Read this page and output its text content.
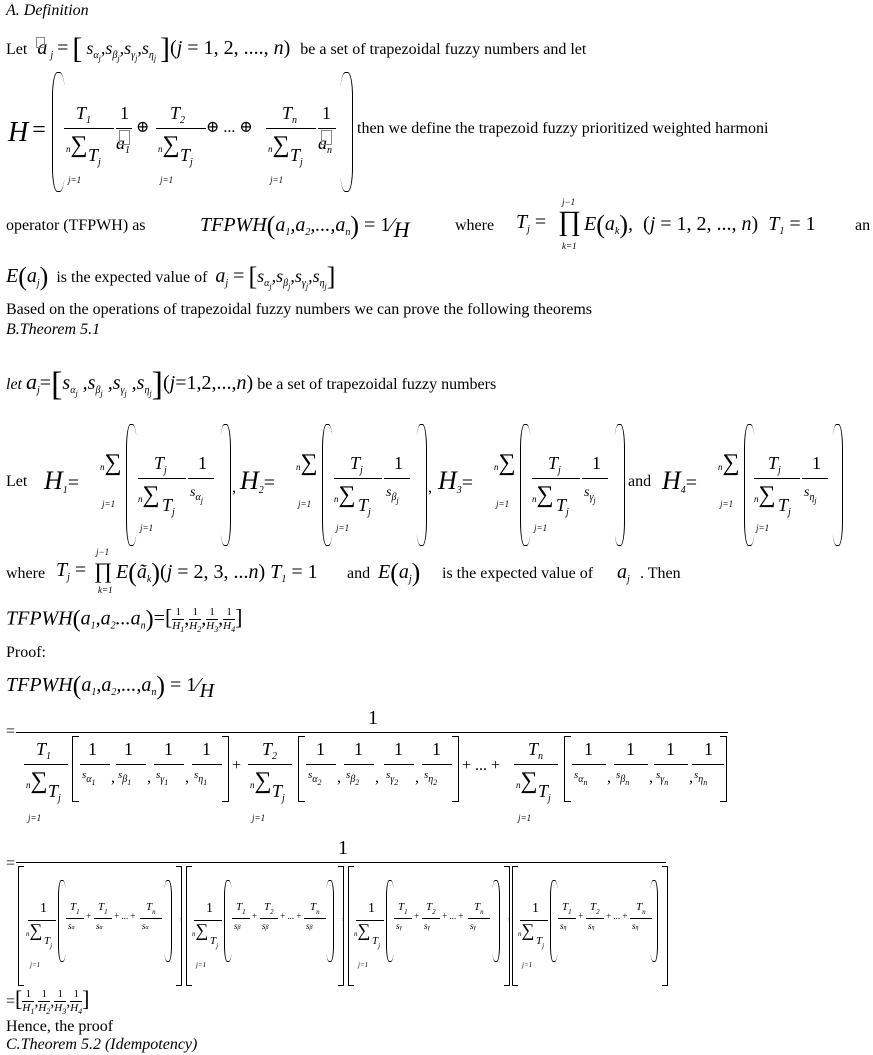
A. Definition
Let a $_j$ = [ $s_{\alpha_j},s_{\beta_j},s_{\gamma_j},s_{\eta_j}$ ](j = 1, 2, ...., n) be a set of trapezoidal fuzzy numbers and let
H =
$T_1$
n∑ $T_j$
j=1
1
$a_1$
⊕
$T_2$
n∑ $T_j$
j=1
⊕ ... ⊕
$T_n$
n∑ $T_j$
j=1
1
$a_n$
then we define the trapezoid fuzzy prioritized weighted harmoni
operator (TFPWH) as	$TFPWH(a_1,a_2,...,a_n)$ = 1⁄H	where $T_j$ =
j−1
∏
k=1
$E(a_k)$,  (j = 1, 2, ..., n)  $T_1 = 1$ an
$E(a_j)$ is the expected value of $a_j = [s_{\alpha_j},s_{\beta_j},s_{\gamma_j},s_{\eta_j}]$
Based on the operations of trapezoidal fuzzy numbers we can prove the following theorems
B.Theorem 5.1
let $a_j=[s_{\alpha_j}$ $,s_{\beta_j}$ $,s_{\gamma_j}$ $,s_{\eta_j}](j=1,2,...,n)$ be a set of trapezoidal fuzzy numbers
Let $H_1=$
n∑
j=1
$T_j$
n∑ $T_j$
j=1
1
$s_{\alpha_j}$
, $H_2=$
n∑
j=1
$T_j$
n∑ $T_j$
j=1
1
$s_{\beta_j}$
, $H_3=$
n∑
j=1
$T_j$
n∑ $T_j$
j=1
1
$s_{\gamma_j}$
and $H_4=$
n∑
j=1
$T_j$
n∑ $T_j$
j=1
1
$s_{\eta_j}$
where $T_j$ =
j−1
∏
k=1
$E(ã_k)(j = 2$, 3, ...n) $T_1 = 1$ and $E(a_j)$ is the expected value of $a_j$ . Then
$TFPWH(a_1,a_2...a_n)=[ \frac{1}{H_1}$ , $\frac{1}{H_2}$ , $\frac{1}{H_3}$ , $\frac{1}{H_4}$ ]
Proof:
$TFPWH(a_1,a_2,...,a_n)$ = 1⁄H
1
=
$T_1$
n∑ $T_j$
j=1
1
$s\alpha_1$ ,
1
$s\beta_1$ ,
1
$s\gamma_1$ ,
1
$s\eta_1$
+
$T_2$
n∑ $T_j$
j=1
1
$s\alpha_2$ ,
1
$s\beta_2$ ,
1
$s\gamma_2$ ,
1
$s\eta_2$
+ ... +
$T_n$
n∑ $T_j$
j=1
1
$s\alpha_n$ ,
1
$s\beta_n$ ,
1
$s\gamma_n$ ,
1
$s\eta_n$
1
=
1
n∑
$T_j$
j=1
$T_1$
sα
+
$T_1$
sα
+ ... +
$T_n$
sα
, 1
n∑
$T_j$
j=1
$T_1$
sβ
+
$T_2$
sβ
+ ... +
$T_n$
sβ
, 1
n∑
$T_j$
j=1
$T_1$
sγ
+
$T_2$
sγ
+ ... +
$T_n$
sγ
, 1
n∑
$T_j$
j=1
$T_1$
sη
+
$T_2$
sη
+ ... +
$T_n$
sη
=[ $\frac{1}{H_1}$ , $\frac{1}{H_2}$ , $\frac{1}{H_3}$ , $\frac{1}{H_4}$ ]
Hence, the proof
C.Theorem 5.2 (Idempotency)
